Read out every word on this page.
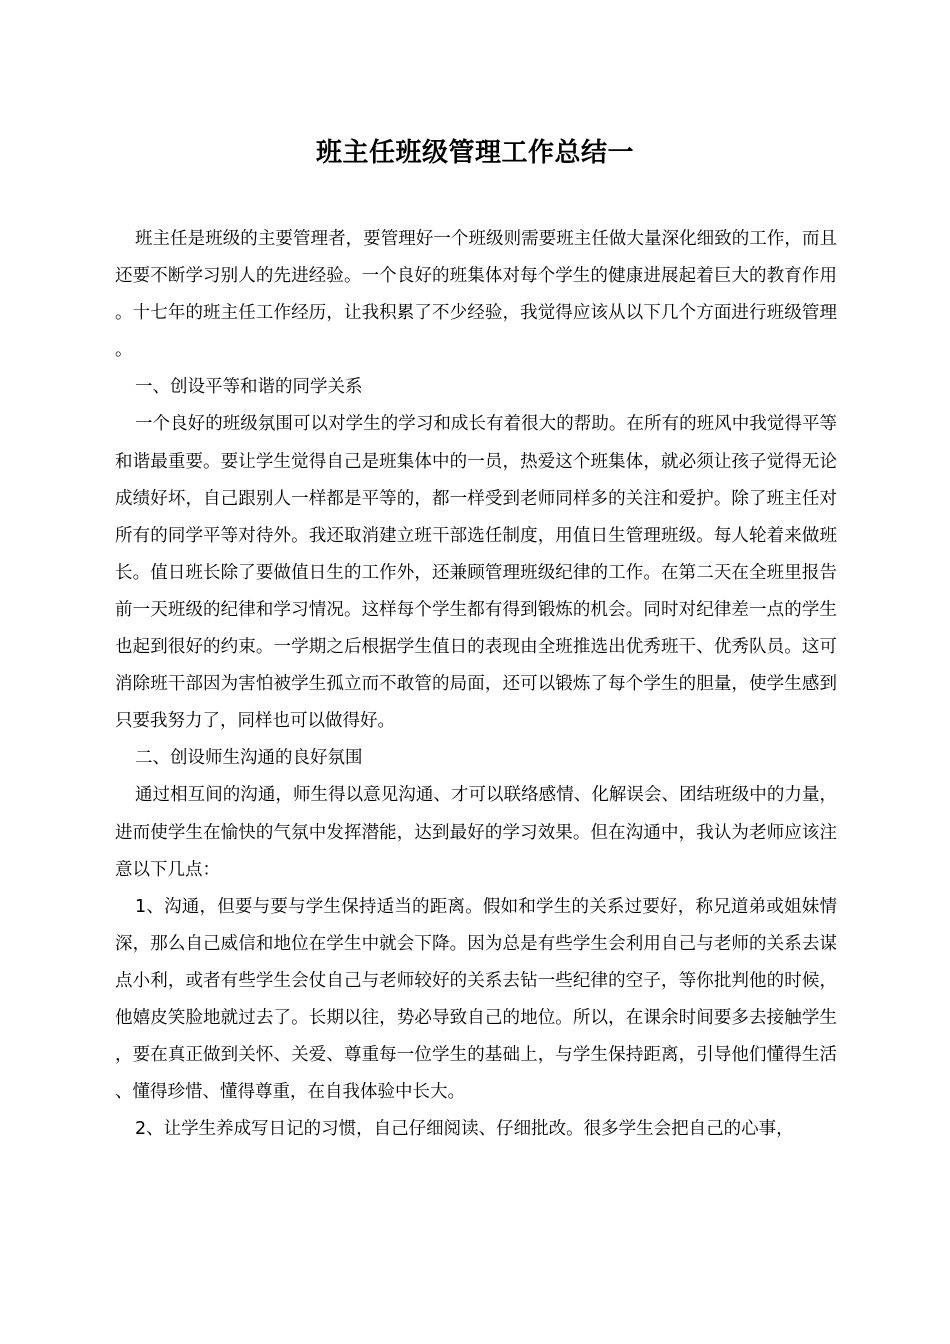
班主任班级管理工作总结一

班主任是班级的主要管理者，要管理好一个班级则需要班主任做大量深化细致的工作，而且还要不断学习别人的先进经验。一个良好的班集体对每个学生的健康进展起着巨大的教育作用。十七年的班主任工作经历，让我积累了不少经验，我觉得应该从以下几个方面进行班级管理。

一、创设平等和谐的同学关系

一个良好的班级氛围可以对学生的学习和成长有着很大的帮助。在所有的班风中我觉得平等和谐最重要。要让学生觉得自己是班集体中的一员，热爱这个班集体，就必须让孩子觉得无论成绩好坏，自己跟别人一样都是平等的，都一样受到老师同样多的关注和爱护。除了班主任对所有的同学平等对待外。我还取消建立班干部选任制度，用值日生管理班级。每人轮着来做班长。值日班长除了要做值日生的工作外，还兼顾管理班级纪律的工作。在第二天在全班里报告前一天班级的纪律和学习情况。这样每个学生都有得到锻炼的机会。同时对纪律差一点的学生也起到很好的约束。一学期之后根据学生值日的表现由全班推选出优秀班干、优秀队员。这可消除班干部因为害怕被学生孤立而不敢管的局面，还可以锻炼了每个学生的胆量，使学生感到只要我努力了，同样也可以做得好。

二、创设师生沟通的良好氛围

通过相互间的沟通，师生得以意见沟通、才可以联络感情、化解误会、团结班级中的力量，进而使学生在愉快的气氛中发挥潜能，达到最好的学习效果。但在沟通中，我认为老师应该注意以下几点：

1、沟通，但要与要与学生保持适当的距离。假如和学生的关系过要好，称兄道弟或姐妹情深，那么自己威信和地位在学生中就会下降。因为总是有些学生会利用自己与老师的关系去谋点小利，或者有些学生会仗自己与老师较好的关系去钻一些纪律的空子，等你批判他的时候，他嬉皮笑脸地就过去了。长期以往，势必导致自己的地位。所以，在课余时间要多去接触学生，要在真正做到关怀、关爱、尊重每一位学生的基础上，与学生保持距离，引导他们懂得生活、懂得珍惜、懂得尊重，在自我体验中长大。

2、让学生养成写日记的习惯，自己仔细阅读、仔细批改。很多学生会把自己的心事，
